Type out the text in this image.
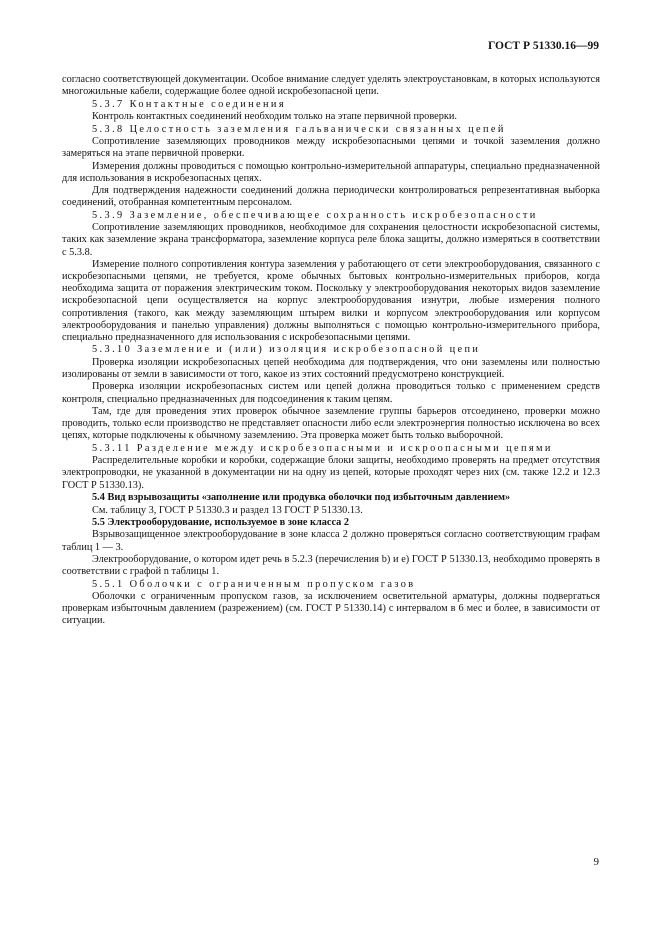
ГОСТ Р 51330.16—99
согласно соответствующей документации. Особое внимание следует уделять электроустановкам, в которых используются многожильные кабели, содержащие более одной искробезопасной цепи.
5.3.7 Контактные соединения
Контроль контактных соединений необходим только на этапе первичной проверки.
5.3.8 Целостность заземления гальванически связанных цепей
Сопротивление заземляющих проводников между искробезопасными цепями и точкой заземления должно замеряться на этапе первичной проверки.
Измерения должны проводиться с помощью контрольно-измерительной аппаратуры, специально предназначенной для использования в искробезопасных цепях.
Для подтверждения надежности соединений должна периодически контролироваться репрезентативная выборка соединений, отобранная компетентным персоналом.
5.3.9 Заземление, обеспечивающее сохранность искробезопасности
Сопротивление заземляющих проводников, необходимое для сохранения целостности искробезопасной системы, таких как заземление экрана трансформатора, заземление корпуса реле блока защиты, должно измеряться в соответствии с 5.3.8.
Измерение полного сопротивления контура заземления у работающего от сети электрооборудования, связанного с искробезопасными цепями, не требуется, кроме обычных бытовых контрольно-измерительных приборов, когда необходима защита от поражения электрическим током. Поскольку у электрооборудования некоторых видов заземление искробезопасной цепи осуществляется на корпус электрооборудования изнутри, любые измерения полного сопротивления (такого, как между заземляющим штырем вилки и корпусом электрооборудования или корпусом электрооборудования и панелью управления) должны выполняться с помощью контрольно-измерительного прибора, специально предназначенного для использования с искробезопасными цепями.
5.3.10 Заземление и (или) изоляция искробезопасной цепи
Проверка изоляции искробезопасных цепей необходима для подтверждения, что они заземлены или полностью изолированы от земли в зависимости от того, какое из этих состояний предусмотрено конструкцией.
Проверка изоляции искробезопасных систем или цепей должна проводиться только с применением средств контроля, специально предназначенных для подсоединения к таким цепям.
Там, где для проведения этих проверок обычное заземление группы барьеров отсоединено, проверки можно проводить, только если производство не представляет опасности либо если электроэнергия полностью исключена во всех цепях, которые подключены к обычному заземлению. Эта проверка может быть только выборочной.
5.3.11 Разделение между искробезопасными и искроопасными цепями
Распределительные коробки и коробки, содержащие блоки защиты, необходимо проверять на предмет отсутствия электропроводки, не указанной в документации ни на одну из цепей, которые проходят через них (см. также 12.2 и 12.3 ГОСТ Р 51330.13).
5.4 Вид взрывозащиты «заполнение или продувка оболочки под избыточным давлением»
См. таблицу 3, ГОСТ Р 51330.3 и раздел 13 ГОСТ Р 51330.13.
5.5 Электрооборудование, используемое в зоне класса 2
Взрывозащищенное электрооборудование в зоне класса 2 должно проверяться согласно соответствующим графам таблиц 1 — 3.
Электрооборудование, о котором идет речь в 5.2.3 (перечисления b) и e) ГОСТ Р 51330.13, необходимо проверять в соответствии с графой n таблицы 1.
5.5.1 Оболочки с ограниченным пропуском газов
Оболочки с ограниченным пропуском газов, за исключением осветительной арматуры, должны подвергаться проверкам избыточным давлением (разрежением) (см. ГОСТ Р 51330.14) с интервалом в 6 мес и более, в зависимости от ситуации.
9
